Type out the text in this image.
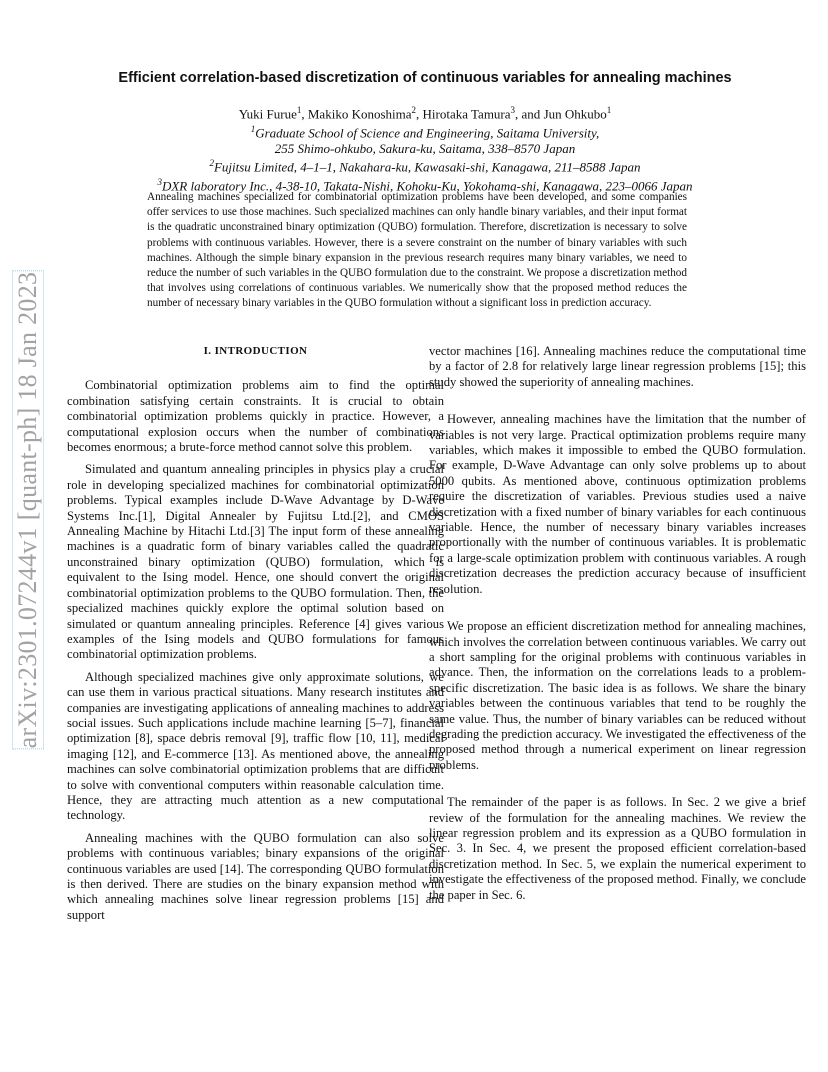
arXiv:2301.07244v1 [quant-ph] 18 Jan 2023
Efficient correlation-based discretization of continuous variables for annealing machines
Yuki Furue$^1$, Makiko Konoshima$^2$, Hirotaka Tamura$^3$, and Jun Ohkubo$^1$
$^1$Graduate School of Science and Engineering, Saitama University,
255 Shimo-ohkubo, Sakura-ku, Saitama, 338–8570 Japan
$^2$Fujitsu Limited, 4–1–1, Nakahara-ku, Kawasaki-shi, Kanagawa, 211–8588 Japan
$^3$DXR laboratory Inc., 4-38-10, Takata-Nishi, Kohoku-Ku, Yokohama-shi, Kanagawa, 223–0066 Japan
Annealing machines specialized for combinatorial optimization problems have been developed, and some companies offer services to use those machines. Such specialized machines can only handle binary variables, and their input format is the quadratic unconstrained binary optimization (QUBO) formulation. Therefore, discretization is necessary to solve problems with continuous variables. However, there is a severe constraint on the number of binary variables with such machines. Although the simple binary expansion in the previous research requires many binary variables, we need to reduce the number of such variables in the QUBO formulation due to the constraint. We propose a discretization method that involves using correlations of continuous variables. We numerically show that the proposed method reduces the number of necessary binary variables in the QUBO formulation without a significant loss in prediction accuracy.
I. INTRODUCTION

Combinatorial optimization problems aim to find the optimal combination satisfying certain constraints. It is crucial to obtain combinatorial optimization problems quickly in practice. However, a computational explosion occurs when the number of combinations becomes enormous; a brute-force method cannot solve this problem.

Simulated and quantum annealing principles in physics play a crucial role in developing specialized machines for combinatorial optimization problems. Typical examples include D-Wave Advantage by D-Wave Systems Inc.[1], Digital Annealer by Fujitsu Ltd.[2], and CMOS Annealing Machine by Hitachi Ltd.[3] The input form of these annealing machines is a quadratic form of binary variables called the quadratic unconstrained binary optimization (QUBO) formulation, which is equivalent to the Ising model. Hence, one should convert the original combinatorial optimization problems to the QUBO formulation. Then, the specialized machines quickly explore the optimal solution based on simulated or quantum annealing principles. Reference [4] gives various examples of the Ising models and QUBO formulations for famous combinatorial optimization problems.

Although specialized machines give only approximate solutions, we can use them in various practical situations. Many research institutes and companies are investigating applications of annealing machines to address social issues. Such applications include machine learning [5–7], financial optimization [8], space debris removal [9], traffic flow [10, 11], medical imaging [12], and E-commerce [13]. As mentioned above, the annealing machines can solve combinatorial optimization problems that are difficult to solve with conventional computers within reasonable calculation time. Hence, they are attracting much attention as a new computational technology.

Annealing machines with the QUBO formulation can also solve problems with continuous variables; binary expansions of the original continuous variables are used [14]. The corresponding QUBO formulation is then derived. There are studies on the binary expansion method with which annealing machines solve linear regression problems [15] and support

vector machines [16]. Annealing machines reduce the computational time by a factor of 2.8 for relatively large linear regression problems [15]; this study showed the superiority of annealing machines.

However, annealing machines have the limitation that the number of variables is not very large. Practical optimization problems require many variables, which makes it impossible to embed the QUBO formulation. For example, D-Wave Advantage can only solve problems up to about 5000 qubits. As mentioned above, continuous optimization problems require the discretization of variables. Previous studies used a naive discretization with a fixed number of binary variables for each continuous variable. Hence, the number of necessary binary variables increases proportionally with the number of continuous variables. It is problematic for a large-scale optimization problem with continuous variables. A rough discretization decreases the prediction accuracy because of insufficient resolution.

We propose an efficient discretization method for annealing machines, which involves the correlation between continuous variables. We carry out a short sampling for the original problems with continuous variables in advance. Then, the information on the correlations leads to a problem-specific discretization. The basic idea is as follows. We share the binary variables between the continuous variables that tend to be roughly the same value. Thus, the number of binary variables can be reduced without degrading the prediction accuracy. We investigated the effectiveness of the proposed method through a numerical experiment on linear regression problems.

The remainder of the paper is as follows. In Sec. 2 we give a brief review of the formulation for the annealing machines. We review the linear regression problem and its expression as a QUBO formulation in Sec. 3. In Sec. 4, we present the proposed efficient correlation-based discretization method. In Sec. 5, we explain the numerical experiment to investigate the effectiveness of the proposed method. Finally, we conclude the paper in Sec. 6.
